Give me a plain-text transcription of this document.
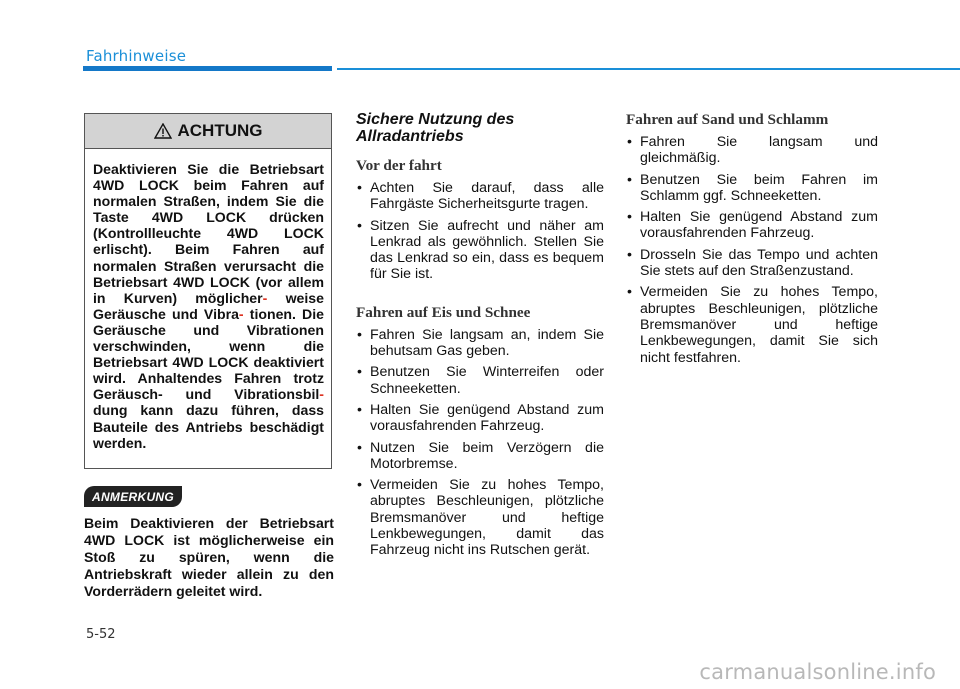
Fahrhinweise
ACHTUNG
Deaktivieren Sie die Betriebsart 4WD LOCK beim Fahren auf normalen Straßen, indem Sie die Taste 4WD LOCK drücken (Kontrollleuchte 4WD LOCK erlischt). Beim Fahren auf normalen Straßen verursacht die Betriebsart 4WD LOCK (vor allem in Kurven) möglicher- weise Geräusche und Vibra- tionen. Die Geräusche und Vibrationen verschwinden, wenn die Betriebsart 4WD LOCK deaktiviert wird. Anhaltendes Fahren trotz Geräusch- und Vibrationsbil- dung kann dazu führen, dass Bauteile des Antriebs beschädigt werden.
ANMERKUNG
Beim Deaktivieren der Betriebsart 4WD LOCK ist möglicherweise ein Stoß zu spüren, wenn die Antriebskraft wieder allein zu den Vorderrädern geleitet wird.
Sichere Nutzung des Allradantriebs
Vor der fahrt
• Achten Sie darauf, dass alle Fahrgäste Sicherheitsgurte tragen.
• Sitzen Sie aufrecht und näher am Lenkrad als gewöhnlich. Stellen Sie das Lenkrad so ein, dass es bequem für Sie ist.
Fahren auf Eis und Schnee
• Fahren Sie langsam an, indem Sie behutsam Gas geben.
• Benutzen Sie Winterreifen oder Schneeketten.
• Halten Sie genügend Abstand zum vorausfahrenden Fahrzeug.
• Nutzen Sie beim Verzögern die Motorbremse.
• Vermeiden Sie zu hohes Tempo, abruptes Beschleunigen, plötzliche Bremsmanöver und heftige Lenkbewegungen, damit das Fahrzeug nicht ins Rutschen gerät.
Fahren auf Sand und Schlamm
• Fahren Sie langsam und gleichmäßig.
• Benutzen Sie beim Fahren im Schlamm ggf. Schneeketten.
• Halten Sie genügend Abstand zum vorausfahrenden Fahrzeug.
• Drosseln Sie das Tempo und achten Sie stets auf den Straßenzustand.
• Vermeiden Sie zu hohes Tempo, abruptes Beschleunigen, plötzliche Bremsmanöver und heftige Lenkbewegungen, damit Sie sich nicht festfahren.
5-52
carmanualsonline.info
